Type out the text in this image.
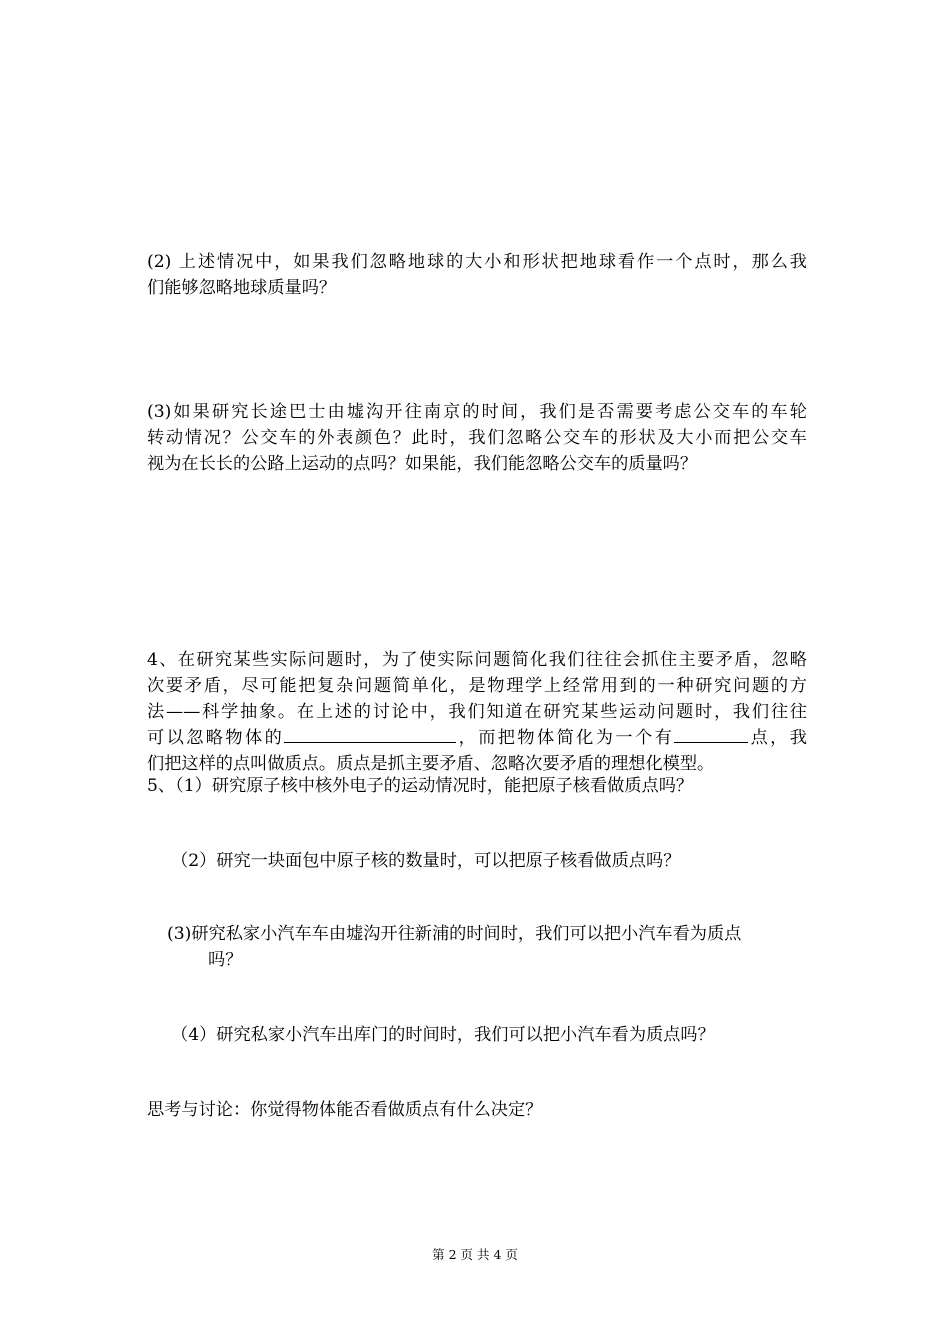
(2) 上述情况中，如果我们忽略地球的大小和形状把地球看作一个点时，那么我
们能够忽略地球质量吗？
(3)如果研究长途巴士由墟沟开往南京的时间，我们是否需要考虑公交车的车轮
转动情况？公交车的外表颜色？此时，我们忽略公交车的形状及大小而把公交车
视为在长长的公路上运动的点吗？如果能，我们能忽略公交车的质量吗？
4、在研究某些实际问题时，为了使实际问题简化我们往往会抓住主要矛盾，忽略
次要矛盾，尽可能把复杂问题简单化，是物理学上经常用到的一种研究问题的方
法——科学抽象。在上述的讨论中，我们知道在研究某些运动问题时，我们往往
可以忽略物体的	，而把物体简化为一个有	点，我
们把这样的点叫做质点。质点是抓主要矛盾、忽略次要矛盾的理想化模型。
5、（1）研究原子核中核外电子的运动情况时，能把原子核看做质点吗？
（2）研究一块面包中原子核的数量时，可以把原子核看做质点吗？
(3)研究私家小汽车车由墟沟开往新浦的时间时，我们可以把小汽车看为质点
吗？
（4）研究私家小汽车出库门的时间时，我们可以把小汽车看为质点吗？
思考与讨论：你觉得物体能否看做质点有什么决定？
第 2 页 共 4 页
